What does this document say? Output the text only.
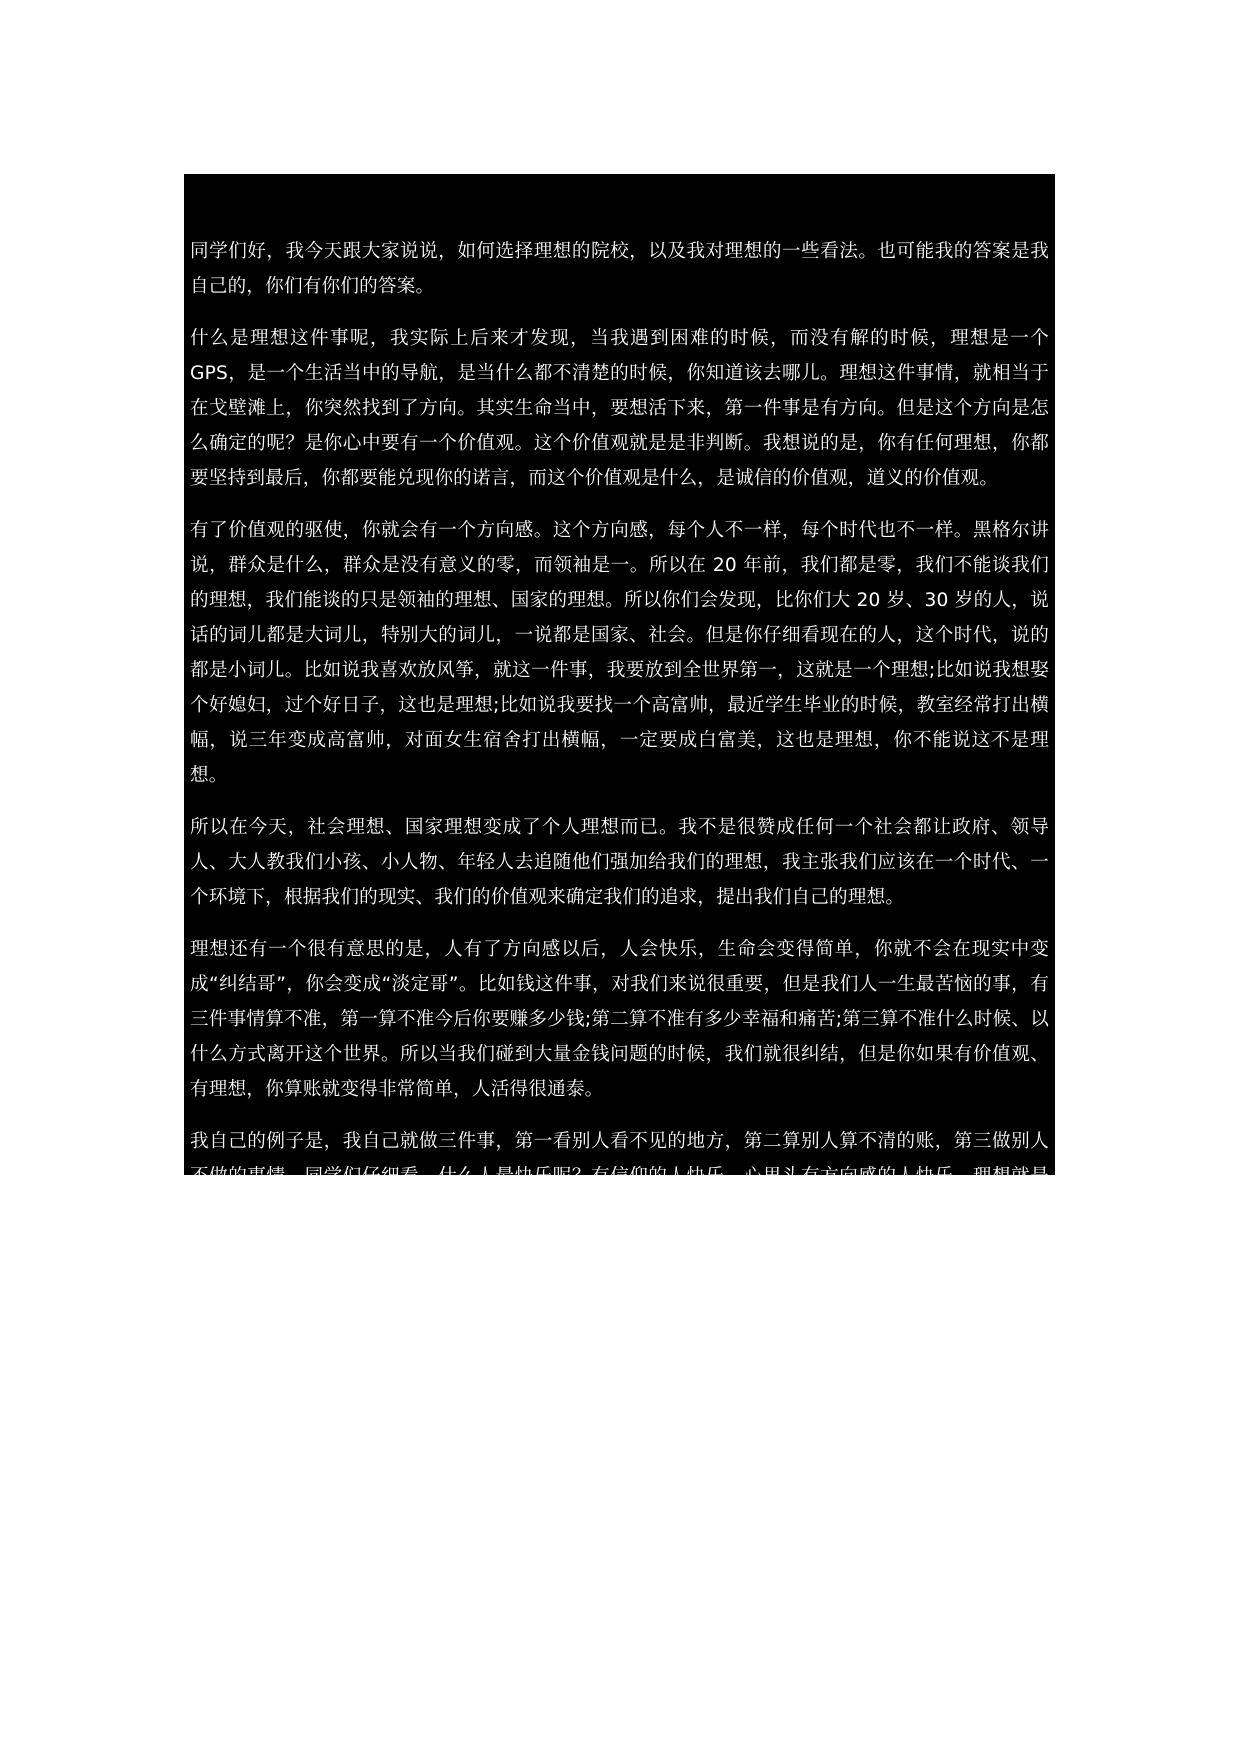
同学们好，我今天跟大家说说，如何选择理想的院校，以及我对理想的一些看法。也可能我的答案是我自己的，你们有你们的答案。

什么是理想这件事呢，我实际上后来才发现，当我遇到困难的时候，而没有解的时候，理想是一个 GPS，是一个生活当中的导航，是当什么都不清楚的时候，你知道该去哪儿。理想这件事情，就相当于在戈壁滩上，你突然找到了方向。其实生命当中，要想活下来，第一件事是有方向。但是这个方向是怎么确定的呢？是你心中要有一个价值观。这个价值观就是是非判断。我想说的是，你有任何理想，你都要坚持到最后，你都要能兑现你的诺言，而这个价值观是什么，是诚信的价值观，道义的价值观。

有了价值观的驱使，你就会有一个方向感。这个方向感，每个人不一样，每个时代也不一样。黑格尔讲说，群众是什么，群众是没有意义的零，而领袖是一。所以在 20 年前，我们都是零，我们不能谈我们的理想，我们能谈的只是领袖的理想、国家的理想。所以你们会发现，比你们大 20 岁、30 岁的人，说话的词儿都是大词儿，特别大的词儿，一说都是国家、社会。但是你仔细看现在的人，这个时代，说的都是小词儿。比如说我喜欢放风筝，就这一件事，我要放到全世界第一，这就是一个理想;比如说我想娶个好媳妇，过个好日子，这也是理想;比如说我要找一个高富帅，最近学生毕业的时候，教室经常打出横幅，说三年变成高富帅，对面女生宿舍打出横幅，一定要成白富美，这也是理想，你不能说这不是理想。

所以在今天，社会理想、国家理想变成了个人理想而已。我不是很赞成任何一个社会都让政府、领导人、大人教我们小孩、小人物、年轻人去追随他们强加给我们的理想，我主张我们应该在一个时代、一个环境下，根据我们的现实、我们的价值观来确定我们的追求，提出我们自己的理想。

理想还有一个很有意思的是，人有了方向感以后，人会快乐，生命会变得简单，你就不会在现实中变成“纠结哥”，你会变成“淡定哥”。比如钱这件事，对我们来说很重要，但是我们人一生最苦恼的事，有三件事情算不准，第一算不准今后你要赚多少钱;第二算不准有多少幸福和痛苦;第三算不准什么时候、以什么方式离开这个世界。所以当我们碰到大量金钱问题的时候，我们就很纠结，但是你如果有价值观、有理想，你算账就变得非常简单，人活得很通泰。

我自己的例子是，我自己就做三件事，第一看别人看不见的地方，第二算别人算不清的账，第三做别人不做的事情。同学们仔细看，什么人最快乐呢？有信仰的人快乐，心里头有方向感的人快乐，理想就是一个方向感，就像在黑暗隧道里的那个光明，如果你们失去了这个光明，你会恐惧，会死亡，而有了这个光明，你会行动，会前行，这就是理想在我们生命当中给我们的意义。

当然，理想这件事情，也不能把它夸大到什么都能解决，它是一个保健品，它不是个速效救心丸。所以理想它是一个增加概率的运动，有理想的人和没理想的人，只不过是成功的概率一定是高一点，快乐程度高一点，毅力强一点，走得远一点，心里头踏实一点，无非是这样。
